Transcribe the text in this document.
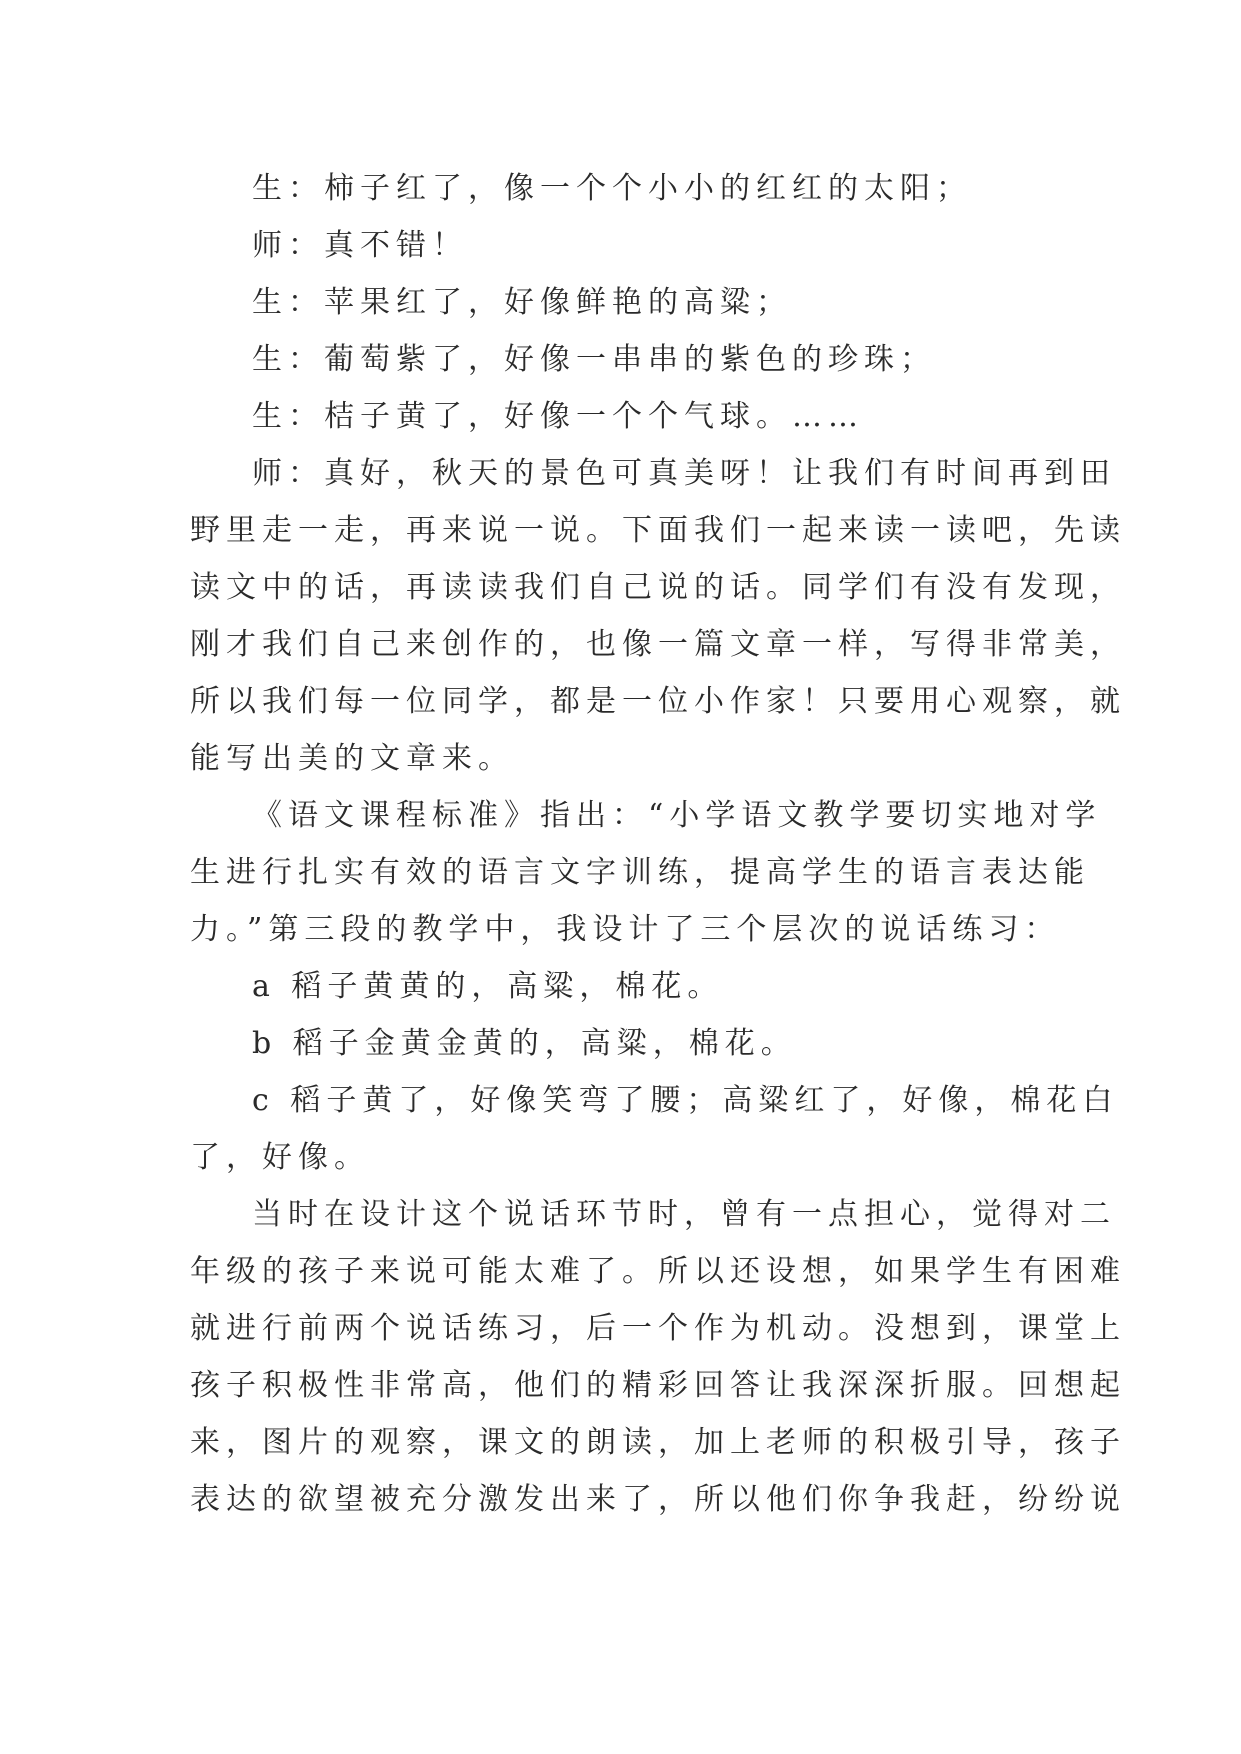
生：柿子红了，像一个个小小的红红的太阳；
师：真不错！
生：苹果红了，好像鲜艳的高粱；
生：葡萄紫了，好像一串串的紫色的珍珠；
生：桔子黄了，好像一个个气球。……
师：真好，秋天的景色可真美呀！让我们有时间再到田
野里走一走，再来说一说。下面我们一起来读一读吧，先读
读文中的话，再读读我们自己说的话。同学们有没有发现，
刚才我们自己来创作的，也像一篇文章一样，写得非常美，
所以我们每一位同学，都是一位小作家！只要用心观察，就
能写出美的文章来。
《语文课程标准》指出：“小学语文教学要切实地对学
生进行扎实有效的语言文字训练，提高学生的语言表达能
力。”第三段的教学中，我设计了三个层次的说话练习：
a 稻子黄黄的，高粱，棉花。
b 稻子金黄金黄的，高粱，棉花。
c 稻子黄了，好像笑弯了腰；高粱红了，好像，棉花白
了，好像。
当时在设计这个说话环节时，曾有一点担心，觉得对二
年级的孩子来说可能太难了。所以还设想，如果学生有困难
就进行前两个说话练习，后一个作为机动。没想到，课堂上
孩子积极性非常高，他们的精彩回答让我深深折服。回想起
来，图片的观察，课文的朗读，加上老师的积极引导，孩子
表达的欲望被充分激发出来了，所以他们你争我赶，纷纷说
